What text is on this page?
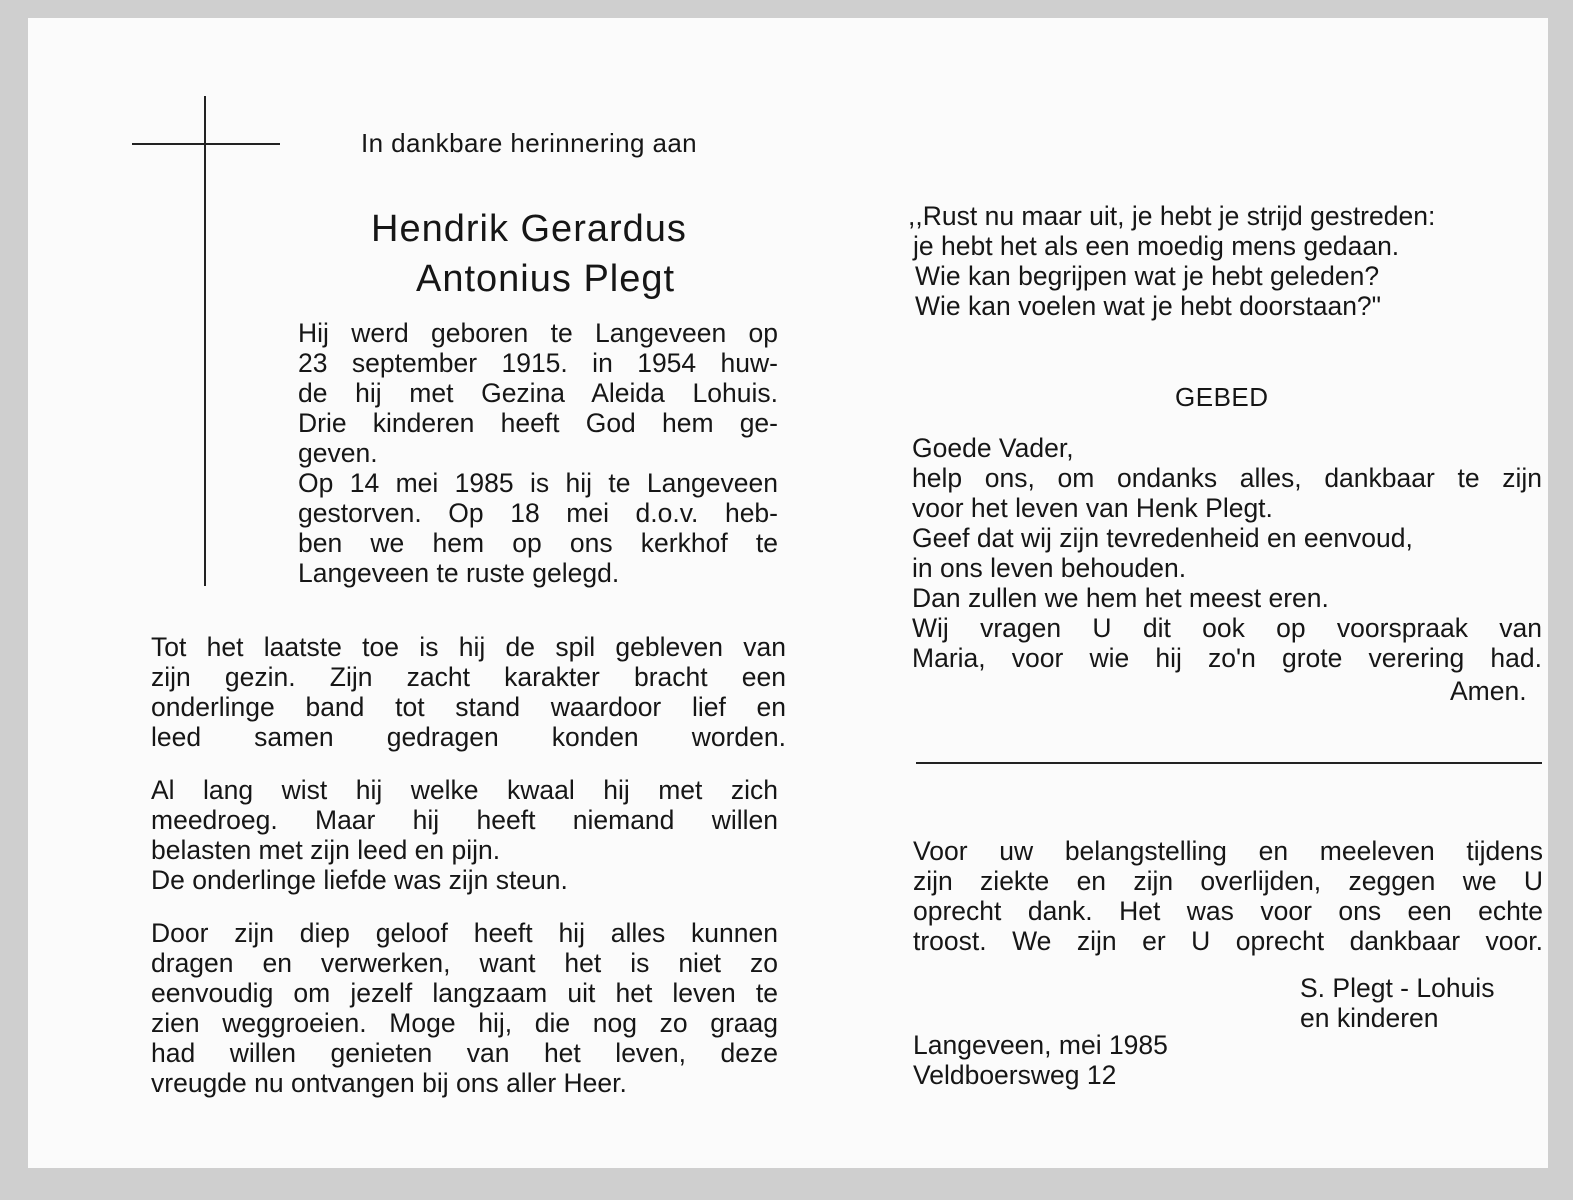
In dankbare herinnering aan
Hendrik Gerardus
Antonius Plegt
Hij werd geboren te Langeveen op
23 september 1915. in 1954 huw-
de hij met Gezina Aleida Lohuis.
Drie kinderen heeft God hem ge-
geven.
Op 14 mei 1985 is hij te Langeveen
gestorven. Op 18 mei d.o.v. heb-
ben we hem op ons kerkhof te
Langeveen te ruste gelegd.
Tot het laatste toe is hij de spil gebleven van
zijn gezin. Zijn zacht karakter bracht een
onderlinge band tot stand waardoor lief en
leed samen gedragen konden worden.
Al lang wist hij welke kwaal hij met zich
meedroeg. Maar hij heeft niemand willen
belasten met zijn leed en pijn.
De onderlinge liefde was zijn steun.
Door zijn diep geloof heeft hij alles kunnen
dragen en verwerken, want het is niet zo
eenvoudig om jezelf langzaam uit het leven te
zien weggroeien. Moge hij, die nog zo graag
had willen genieten van het leven, deze
vreugde nu ontvangen bij ons aller Heer.
,,Rust nu maar uit, je hebt je strijd gestreden:
je hebt het als een moedig mens gedaan.
Wie kan begrijpen wat je hebt geleden?
Wie kan voelen wat je hebt doorstaan?"
GEBED
Goede Vader,
help ons, om ondanks alles, dankbaar te zijn
voor het leven van Henk Plegt.
Geef dat wij zijn tevredenheid en eenvoud,
in ons leven behouden.
Dan zullen we hem het meest eren.
Wij vragen U dit ook op voorspraak van
Maria, voor wie hij zo'n grote verering had.
Amen.
Voor uw belangstelling en meeleven tijdens
zijn ziekte en zijn overlijden, zeggen we U
oprecht dank. Het was voor ons een echte
troost. We zijn er U oprecht dankbaar voor.
S. Plegt - Lohuis
en kinderen
Langeveen, mei 1985
Veldboersweg 12
